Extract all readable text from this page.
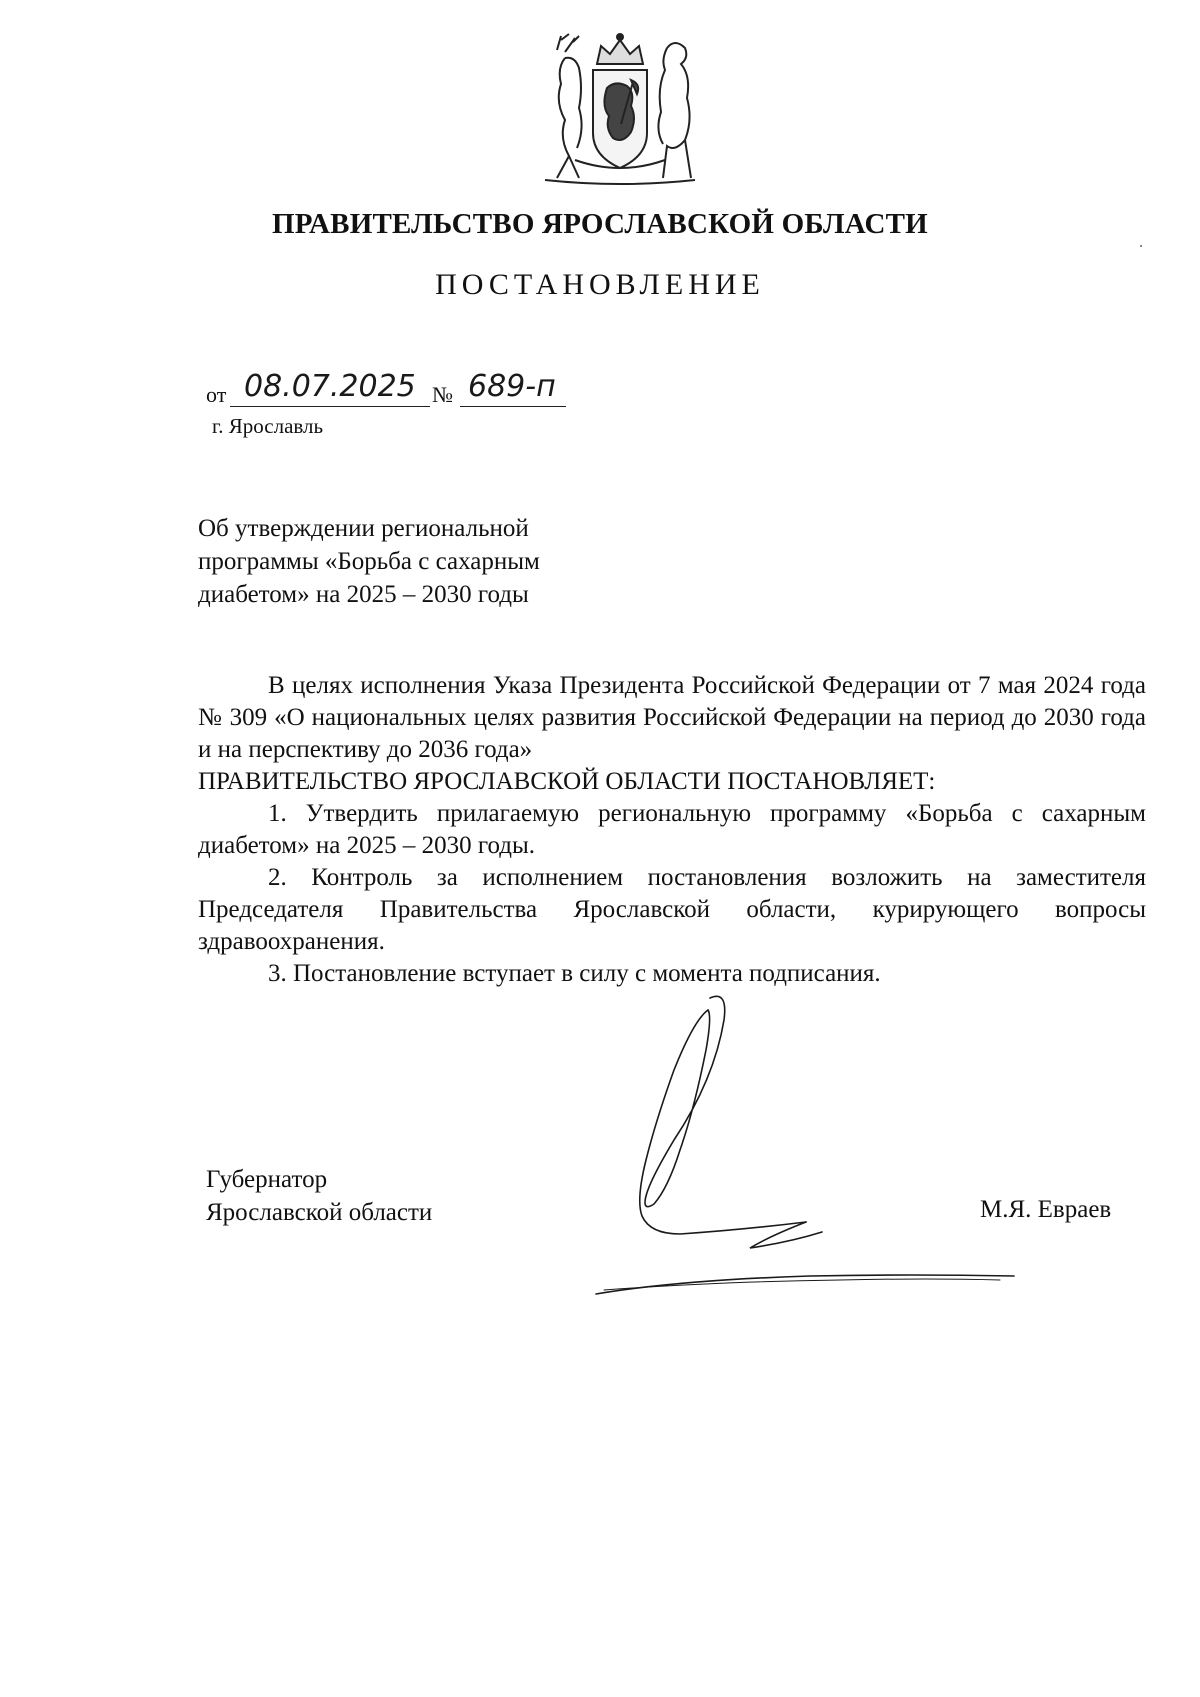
ПРАВИТЕЛЬСТВО ЯРОСЛАВСКОЙ ОБЛАСТИ
ПОСТАНОВЛЕНИЕ
от 08.07.2025 № 689-п
г. Ярославль
Об утверждении региональной
программы «Борьба с сахарным
диабетом» на 2025 – 2030 годы

В целях исполнения Указа Президента Российской Федерации от 7 мая 2024 года № 309 «О национальных целях развития Российской Федерации на период до 2030 года и на перспективу до 2036 года»

ПРАВИТЕЛЬСТВО ЯРОСЛАВСКОЙ ОБЛАСТИ ПОСТАНОВЛЯЕТ:

1. Утвердить прилагаемую региональную программу «Борьба с сахарным диабетом» на 2025 – 2030 годы.

2. Контроль за исполнением постановления возложить на заместителя Председателя Правительства Ярославской области, курирующего вопросы здравоохранения.

3. Постановление вступает в силу с момента подписания.

Губернатор
Ярославской области	М.Я. Евраев
